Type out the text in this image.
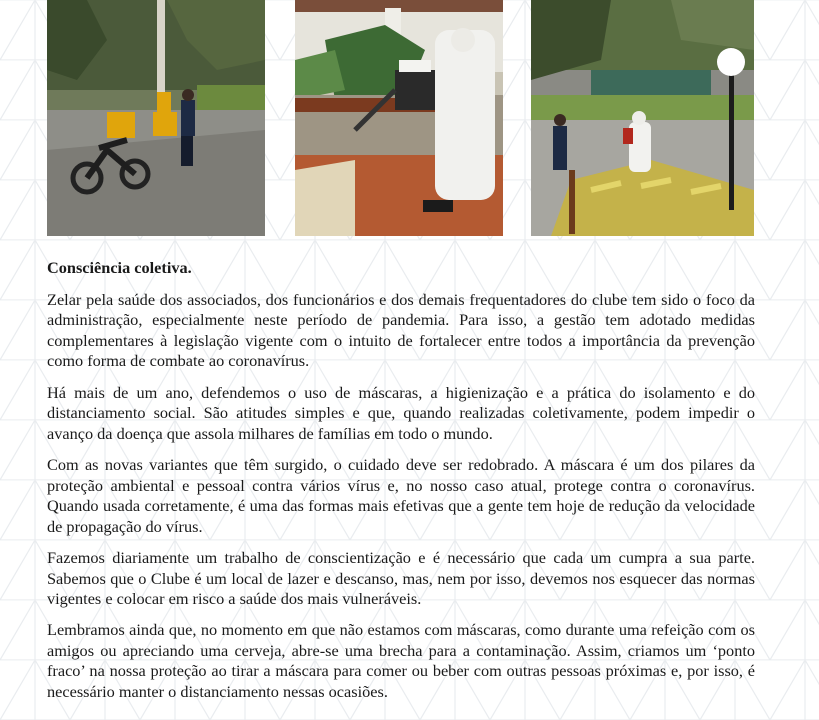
Consciência coletiva.

Zelar pela saúde dos associados, dos funcionários e dos demais frequentadores do clube tem sido o foco da administração, especialmente neste período de pandemia. Para isso, a gestão tem adotado medidas complementares à legislação vigente com o intuito de fortalecer entre todos a importância da prevenção como forma de combate ao coronavírus.

Há mais de um ano, defendemos o uso de máscaras, a higienização e a prática do isolamento e do distanciamento social. São atitudes simples e que, quando realizadas coletivamente, podem impedir o avanço da doença que assola milhares de famílias em todo o mundo.

Com as novas variantes que têm surgido, o cuidado deve ser redobrado. A máscara é um dos pilares da proteção ambiental e pessoal contra vários vírus e, no nosso caso atual, protege contra o coronavírus. Quando usada corretamente, é uma das formas mais efetivas que a gente tem hoje de redução da velocidade de propagação do vírus.

Fazemos diariamente um trabalho de conscientização e é necessário que cada um cumpra a sua parte. Sabemos que o Clube é um local de lazer e descanso, mas, nem por isso, devemos nos esquecer das normas vigentes e colocar em risco a saúde dos mais vulneráveis.

Lembramos ainda que, no momento em que não estamos com máscaras, como durante uma refeição com os amigos ou apreciando uma cerveja, abre-se uma brecha para a contaminação. Assim, criamos um ‘ponto fraco’ na nossa proteção ao tirar a máscara para comer ou beber com outras pessoas próximas e, por isso, é necessário manter o distanciamento nessas ocasiões.
